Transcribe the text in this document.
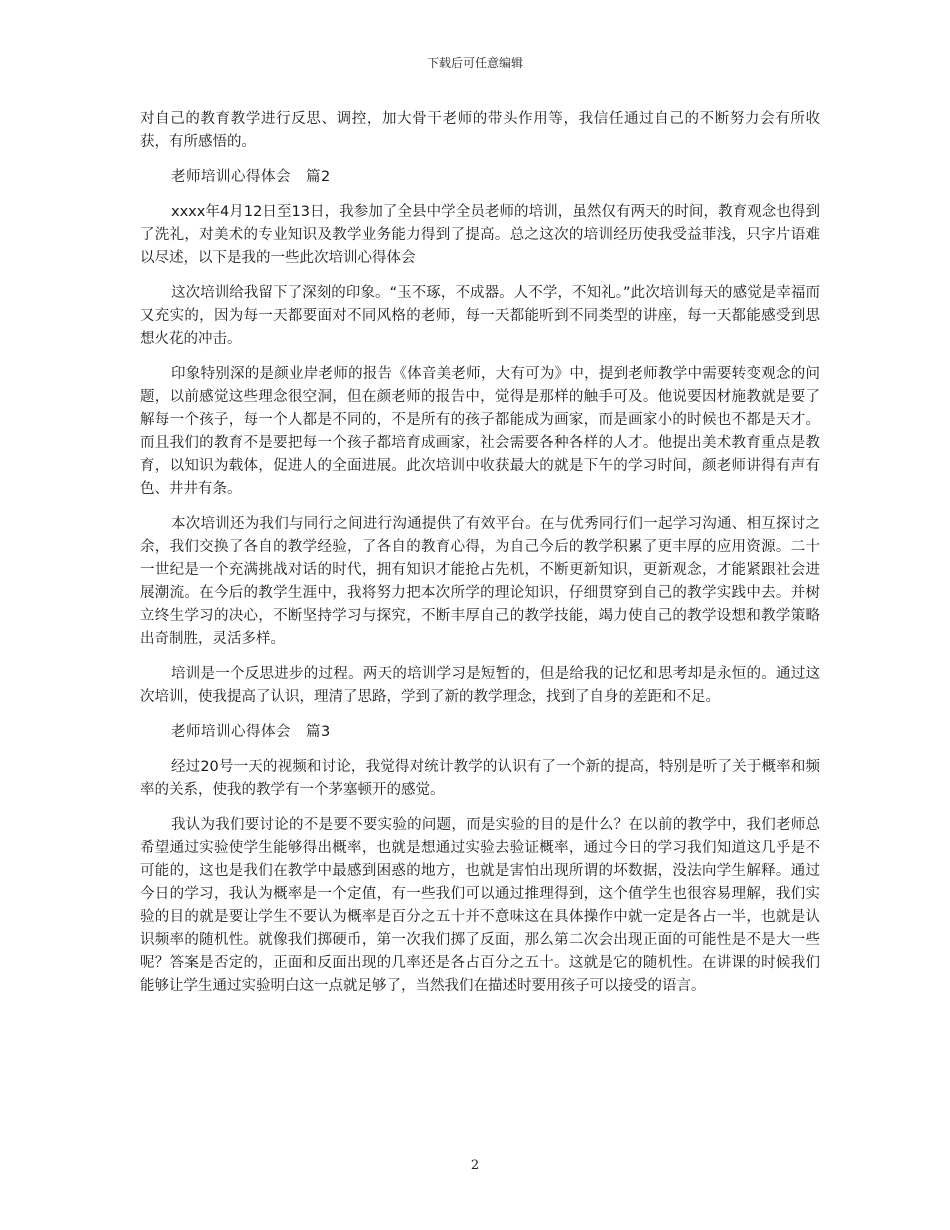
下载后可任意编辑

对自己的教育教学进行反思、调控，加大骨干老师的带头作用等，我信任通过自己的不断努力会有所收获，有所感悟的。

老师培训心得体会　篇2

xxxx年4月12日至13日，我参加了全县中学全员老师的培训，虽然仅有两天的时间，教育观念也得到了洗礼，对美术的专业知识及教学业务能力得到了提高。总之这次的培训经历使我受益菲浅，只字片语难以尽述，以下是我的一些此次培训心得体会

这次培训给我留下了深刻的印象。“玉不琢，不成器。人不学，不知礼。”此次培训每天的感觉是幸福而又充实的，因为每一天都要面对不同风格的老师，每一天都能听到不同类型的讲座，每一天都能感受到思想火花的冲击。

印象特别深的是颜业岸老师的报告《体音美老师，大有可为》中，提到老师教学中需要转变观念的问题，以前感觉这些理念很空洞，但在颜老师的报告中，觉得是那样的触手可及。他说要因材施教就是要了解每一个孩子，每一个人都是不同的，不是所有的孩子都能成为画家，而是画家小的时候也不都是天才。而且我们的教育不是要把每一个孩子都培育成画家，社会需要各种各样的人才。他提出美术教育重点是教育，以知识为载体，促进人的全面进展。此次培训中收获最大的就是下午的学习时间，颜老师讲得有声有色、井井有条。

本次培训还为我们与同行之间进行沟通提供了有效平台。在与优秀同行们一起学习沟通、相互探讨之余，我们交换了各自的教学经验，了各自的教育心得，为自己今后的教学积累了更丰厚的应用资源。二十一世纪是一个充满挑战对话的时代，拥有知识才能抢占先机，不断更新知识，更新观念，才能紧跟社会进展潮流。在今后的教学生涯中，我将努力把本次所学的理论知识，仔细贯穿到自己的教学实践中去。并树立终生学习的决心，不断坚持学习与探究，不断丰厚自己的教学技能，竭力使自己的教学设想和教学策略出奇制胜，灵活多样。

培训是一个反思进步的过程。两天的培训学习是短暂的，但是给我的记忆和思考却是永恒的。通过这次培训，使我提高了认识，理清了思路，学到了新的教学理念，找到了自身的差距和不足。

老师培训心得体会　篇3

经过20号一天的视频和讨论，我觉得对统计教学的认识有了一个新的提高，特别是听了关于概率和频率的关系，使我的教学有一个茅塞顿开的感觉。

我认为我们要讨论的不是要不要实验的问题，而是实验的目的是什么？在以前的教学中，我们老师总希望通过实验使学生能够得出概率，也就是想通过实验去验证概率，通过今日的学习我们知道这几乎是不可能的，这也是我们在教学中最感到困惑的地方，也就是害怕出现所谓的坏数据，没法向学生解释。通过今日的学习，我认为概率是一个定值，有一些我们可以通过推理得到，这个值学生也很容易理解，我们实验的目的就是要让学生不要认为概率是百分之五十并不意味这在具体操作中就一定是各占一半，也就是认识频率的随机性。就像我们掷硬币，第一次我们掷了反面，那么第二次会出现正面的可能性是不是大一些呢？答案是否定的，正面和反面出现的几率还是各占百分之五十。这就是它的随机性。在讲课的时候我们能够让学生通过实验明白这一点就足够了，当然我们在描述时要用孩子可以接受的语言。

2
